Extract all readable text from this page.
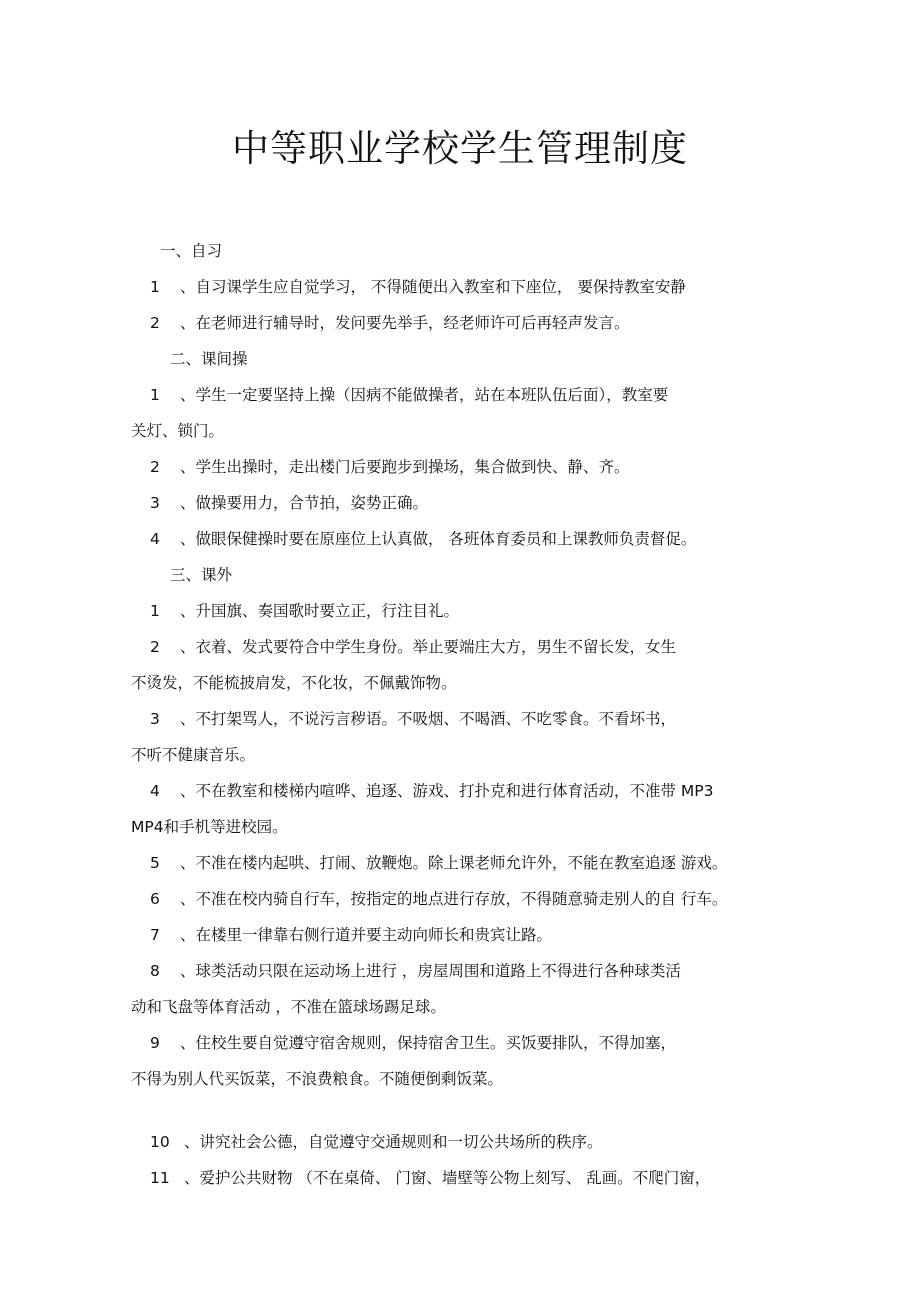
中等职业学校学生管理制度
一、自习
1 、自习课学生应自觉学习， 不得随便出入教室和下座位， 要保持教室安静
2 、在老师进行辅导时，发问要先举手，经老师许可后再轻声发言。
二、课间操
1 、学生一定要坚持上操（因病不能做操者，站在本班队伍后面），教室要
关灯、锁门。
2 、学生出操时，走出楼门后要跑步到操场，集合做到快、静、齐。
3 、做操要用力，合节拍，姿势正确。
4 、做眼保健操时要在原座位上认真做， 各班体育委员和上课教师负责督促。
三、课外
1 、升国旗、奏国歌时要立正，行注目礼。
2 、衣着、发式要符合中学生身份。举止要端庄大方，男生不留长发，女生
不烫发，不能梳披肩发，不化妆，不佩戴饰物。
3 、不打架骂人，不说污言秽语。不吸烟、不喝酒、不吃零食。不看坏书，
不听不健康音乐。
4 、不在教室和楼梯内喧哗、追逐、游戏、打扑克和进行体育活动，不准带 MP3
MP4和手机等进校园。
5 、不准在楼内起哄、打闹、放鞭炮。除上课老师允许外，不能在教室追逐 游戏。
6 、不准在校内骑自行车，按指定的地点进行存放，不得随意骑走别人的自 行车。
7 、在楼里一律靠右侧行道并要主动向师长和贵宾让路。
8 、球类活动只限在运动场上进行 ，房屋周围和道路上不得进行各种球类活
动和飞盘等体育活动 ，不准在篮球场踢足球。
9 、住校生要自觉遵守宿舍规则，保持宿舍卫生。买饭要排队，不得加塞，
不得为别人代买饭菜，不浪费粮食。不随便倒剩饭菜。
10 、讲究社会公德，自觉遵守交通规则和一切公共场所的秩序。
11 、爱护公共财物 （不在桌倚、 门窗、墙壁等公物上刻写、 乱画。不爬门窗，
